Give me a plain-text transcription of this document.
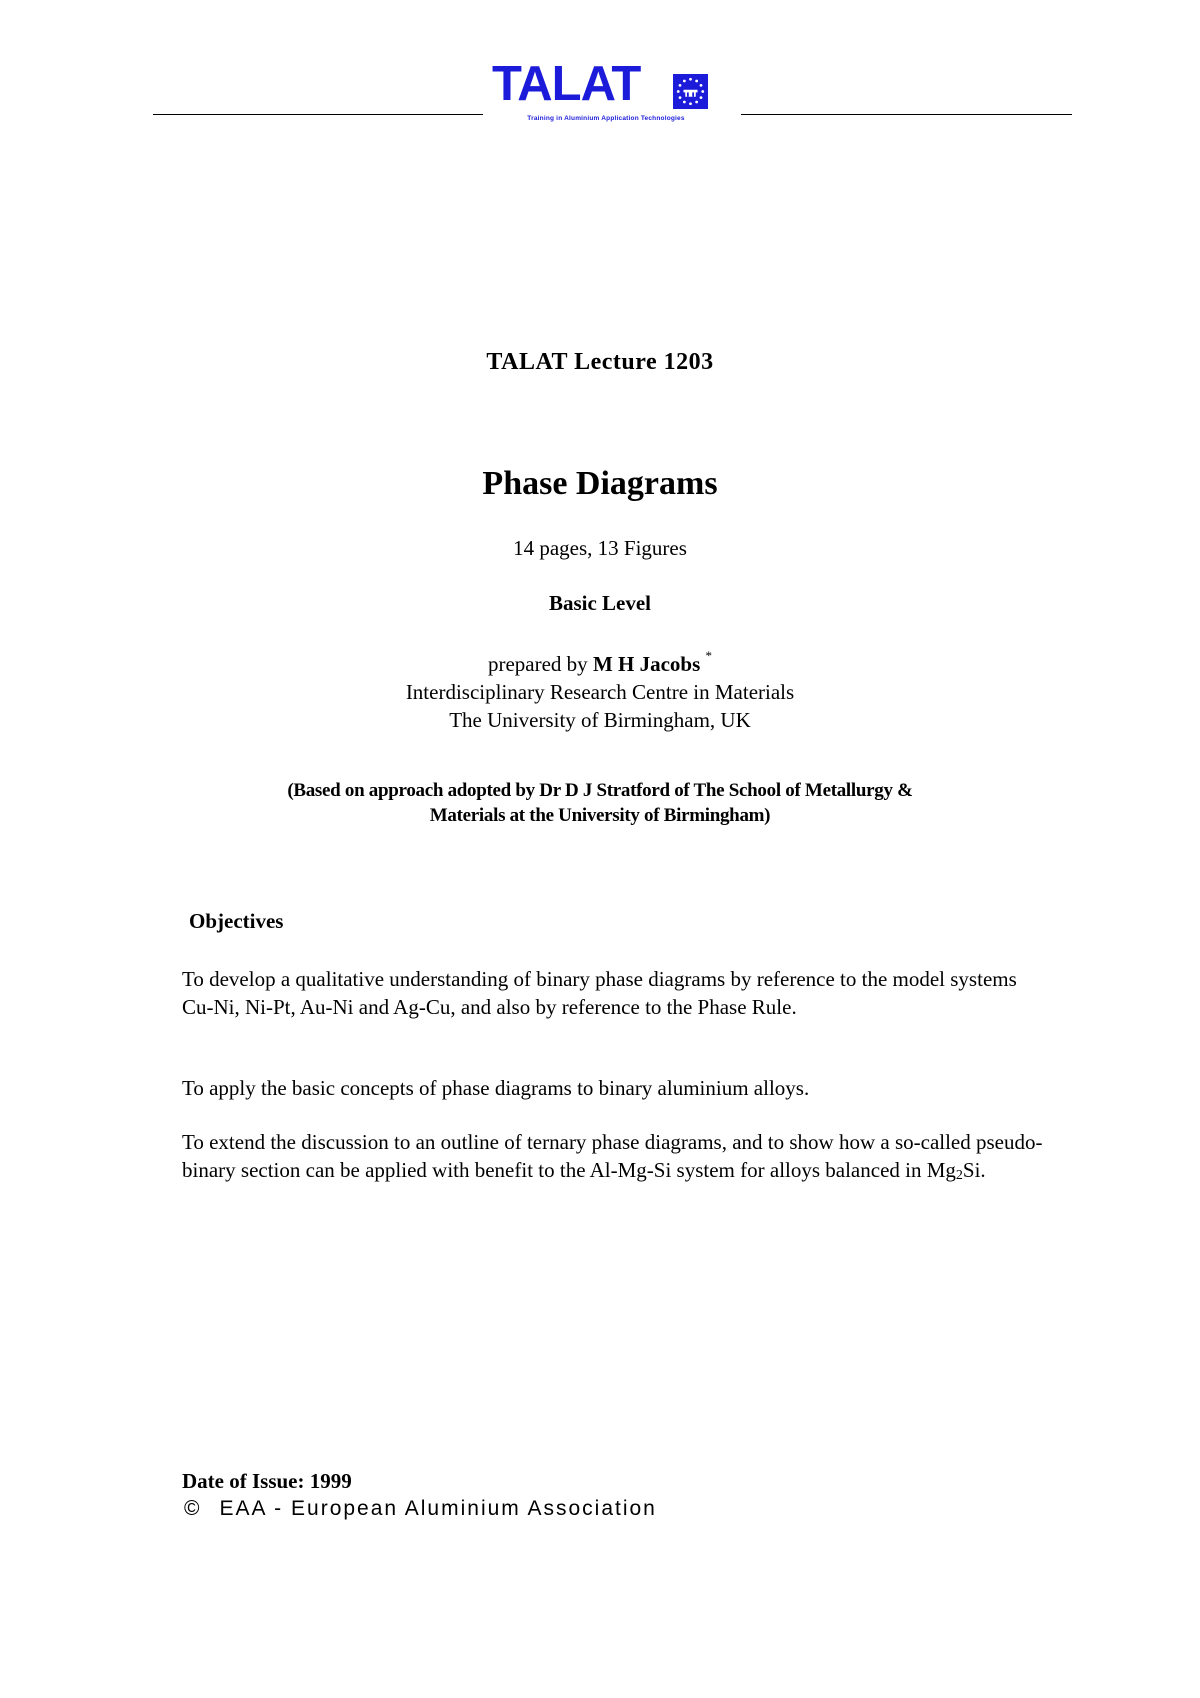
TALAT
Training in Aluminium Application Technologies
TALAT Lecture 1203
Phase Diagrams
14 pages, 13 Figures
Basic Level
prepared by M H Jacobs *
Interdisciplinary Research Centre in Materials
The University of Birmingham, UK
(Based on approach adopted by Dr D J Stratford of The School of Metallurgy &
Materials at the University of Birmingham)
Objectives
To develop a qualitative understanding of binary phase diagrams by reference to the model systems Cu-Ni, Ni-Pt, Au-Ni and Ag-Cu, and also by reference to the Phase Rule.
To apply the basic concepts of phase diagrams to binary aluminium alloys.
To extend the discussion to an outline of ternary phase diagrams, and to show how a so-called pseudo-binary section can be applied with benefit to the Al-Mg-Si system for alloys balanced in $Mg_2Si$.
Date of Issue: 1999
© EAA - European Aluminium Association
